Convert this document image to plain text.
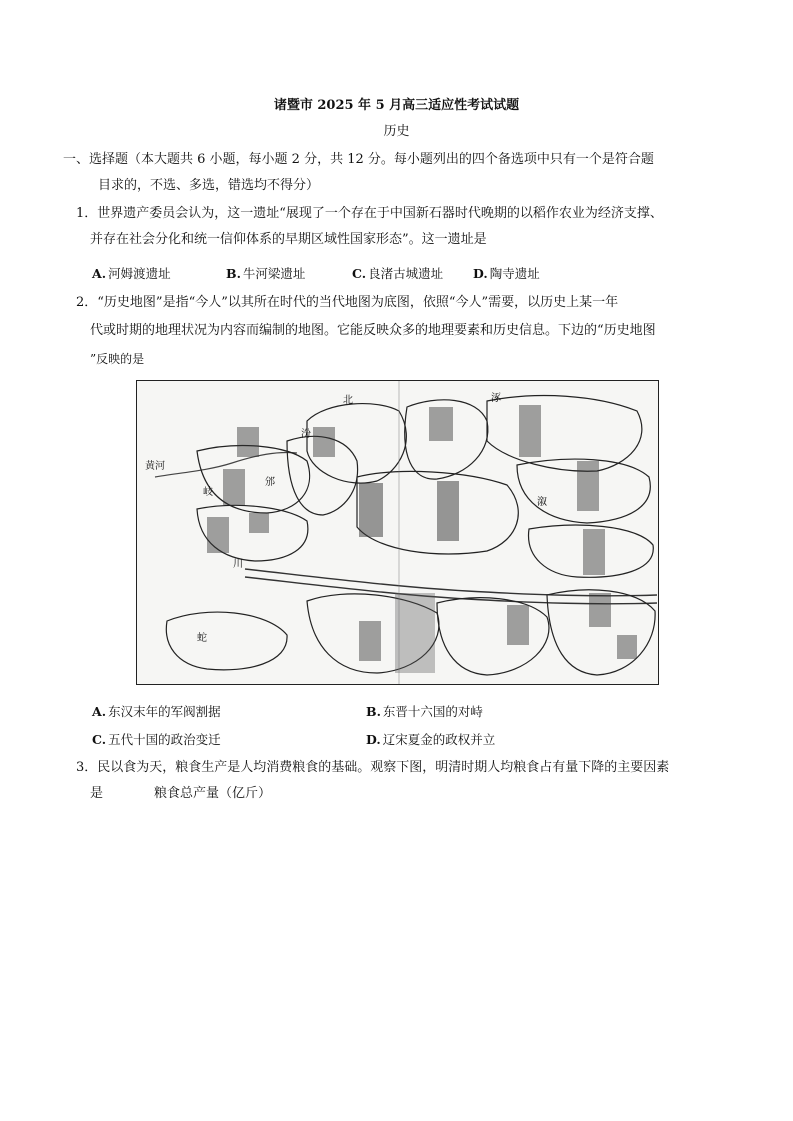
诸暨市 2025 年 5 月高三适应性考试试题
历史
一、选择题（本大题共 6 小题，每小题 2 分，共 12 分。每小题列出的四个备选项中只有一个是符合题
目求的，不选、多选，错选均不得分）
1．世界遗产委员会认为，这一遗址“展现了一个存在于中国新石器时代晚期的以稻作农业为经济支撑、
并存在社会分化和统一信仰体系的早期区域性国家形态”。这一遗址是
A. 河姆渡遗址	B. 牛河梁遗址	C. 良渚古城遗址 D. 陶寺遗址
2．“历史地图”是指“今人”以其所在时代的当代地图为底图，依照“今人”需要，以历史上某一年
代或时期的地理状况为内容而编制的地图。它能反映众多的地理要素和历史信息。下边的“历史地图
”反映的是
北
黄河
岐
邠
川
蛇
溆
汾
涿
A. 东汉末年的军阀割据	B. 东晋十六国的对峙
C. 五代十国的政治变迁	D. 辽宋夏金的政权并立
3．民以食为天，粮食生产是人均消费粮食的基础。观察下图，明清时期人均粮食占有量下降的主要因素
是	粮食总产量（亿斤）
